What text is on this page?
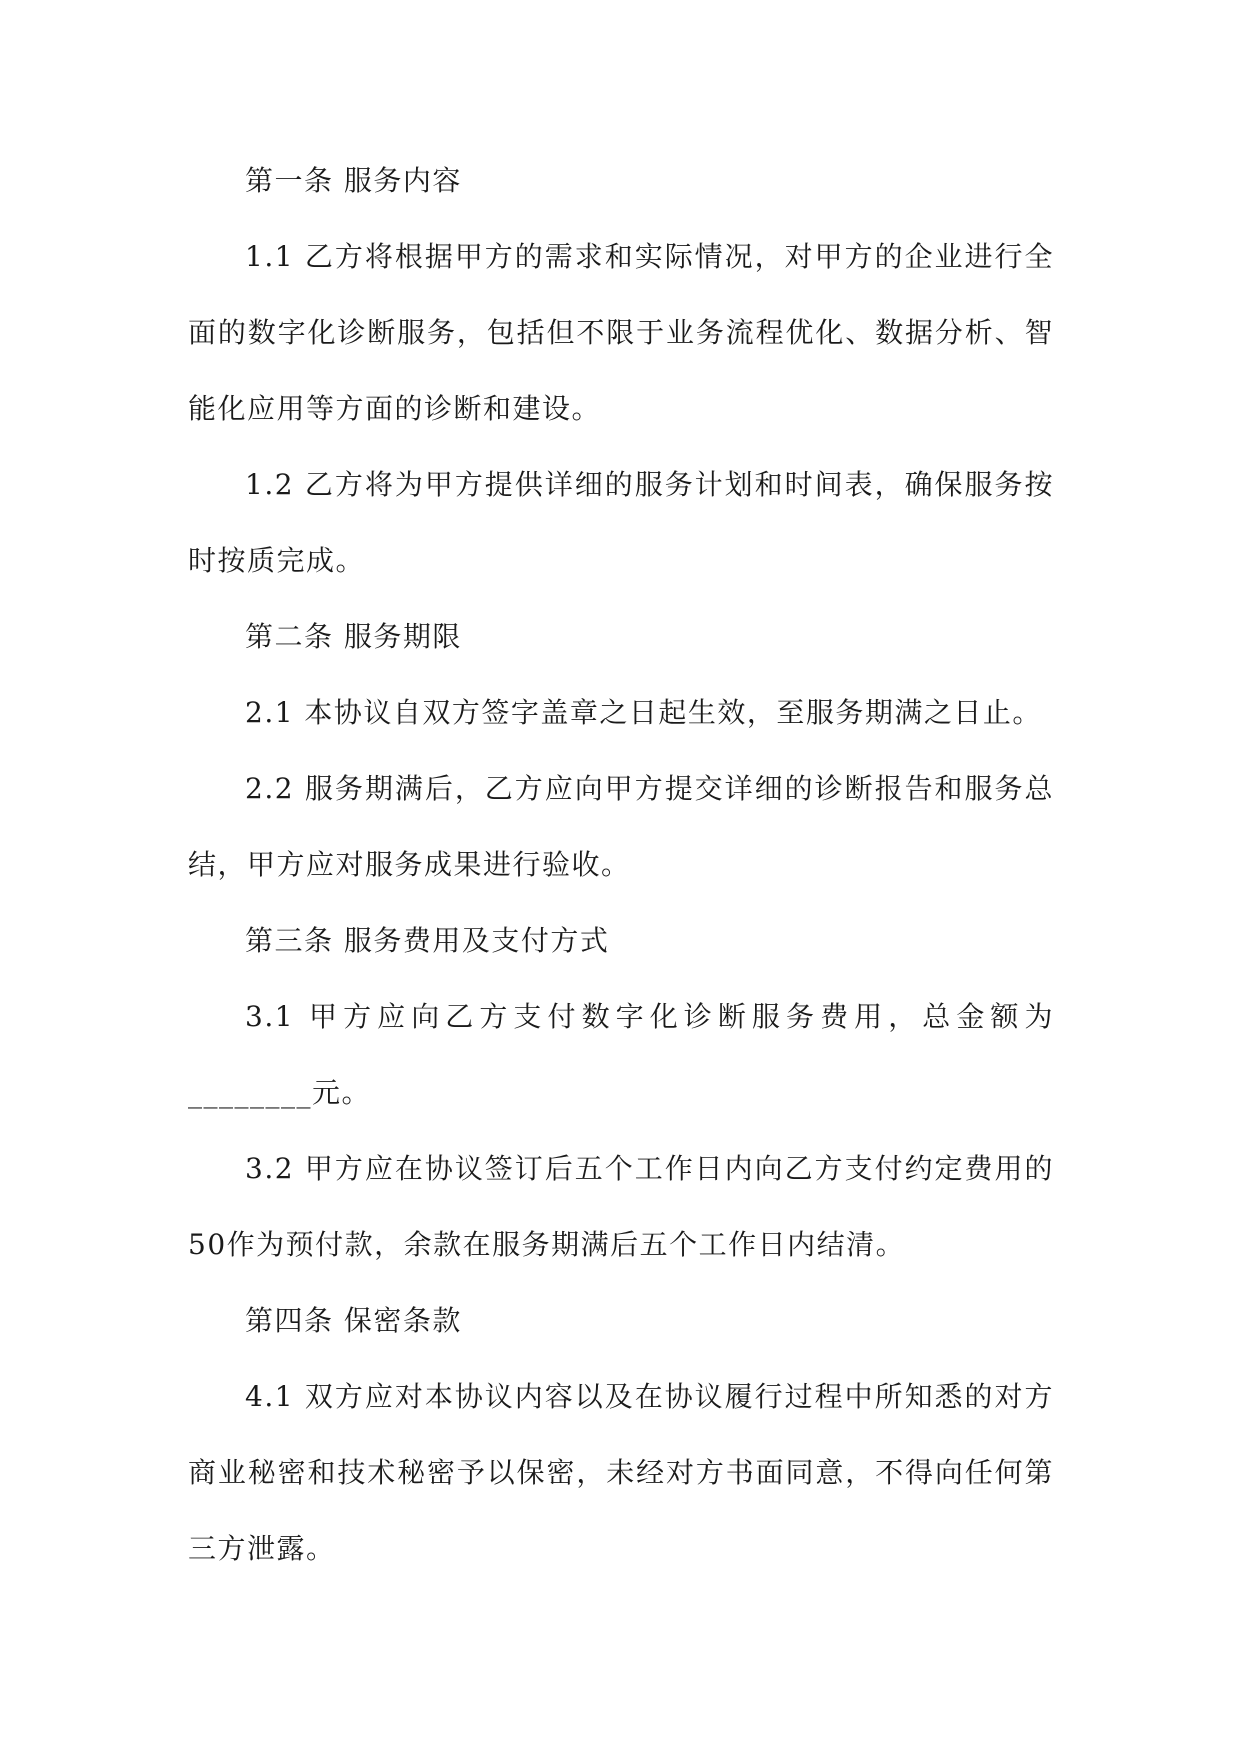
第一条 服务内容

1.1 乙方将根据甲方的需求和实际情况，对甲方的企业进行全面的数字化诊断服务，包括但不限于业务流程优化、数据分析、智能化应用等方面的诊断和建设。

1.2 乙方将为甲方提供详细的服务计划和时间表，确保服务按时按质完成。

第二条 服务期限

2.1 本协议自双方签字盖章之日起生效，至服务期满之日止。

2.2 服务期满后，乙方应向甲方提交详细的诊断报告和服务总结，甲方应对服务成果进行验收。

第三条 服务费用及支付方式

3.1 甲方应向乙方支付数字化诊断服务费用，总金额为________元。

3.2 甲方应在协议签订后五个工作日内向乙方支付约定费用的50作为预付款，余款在服务期满后五个工作日内结清。

第四条 保密条款

4.1 双方应对本协议内容以及在协议履行过程中所知悉的对方商业秘密和技术秘密予以保密，未经对方书面同意，不得向任何第三方泄露。
